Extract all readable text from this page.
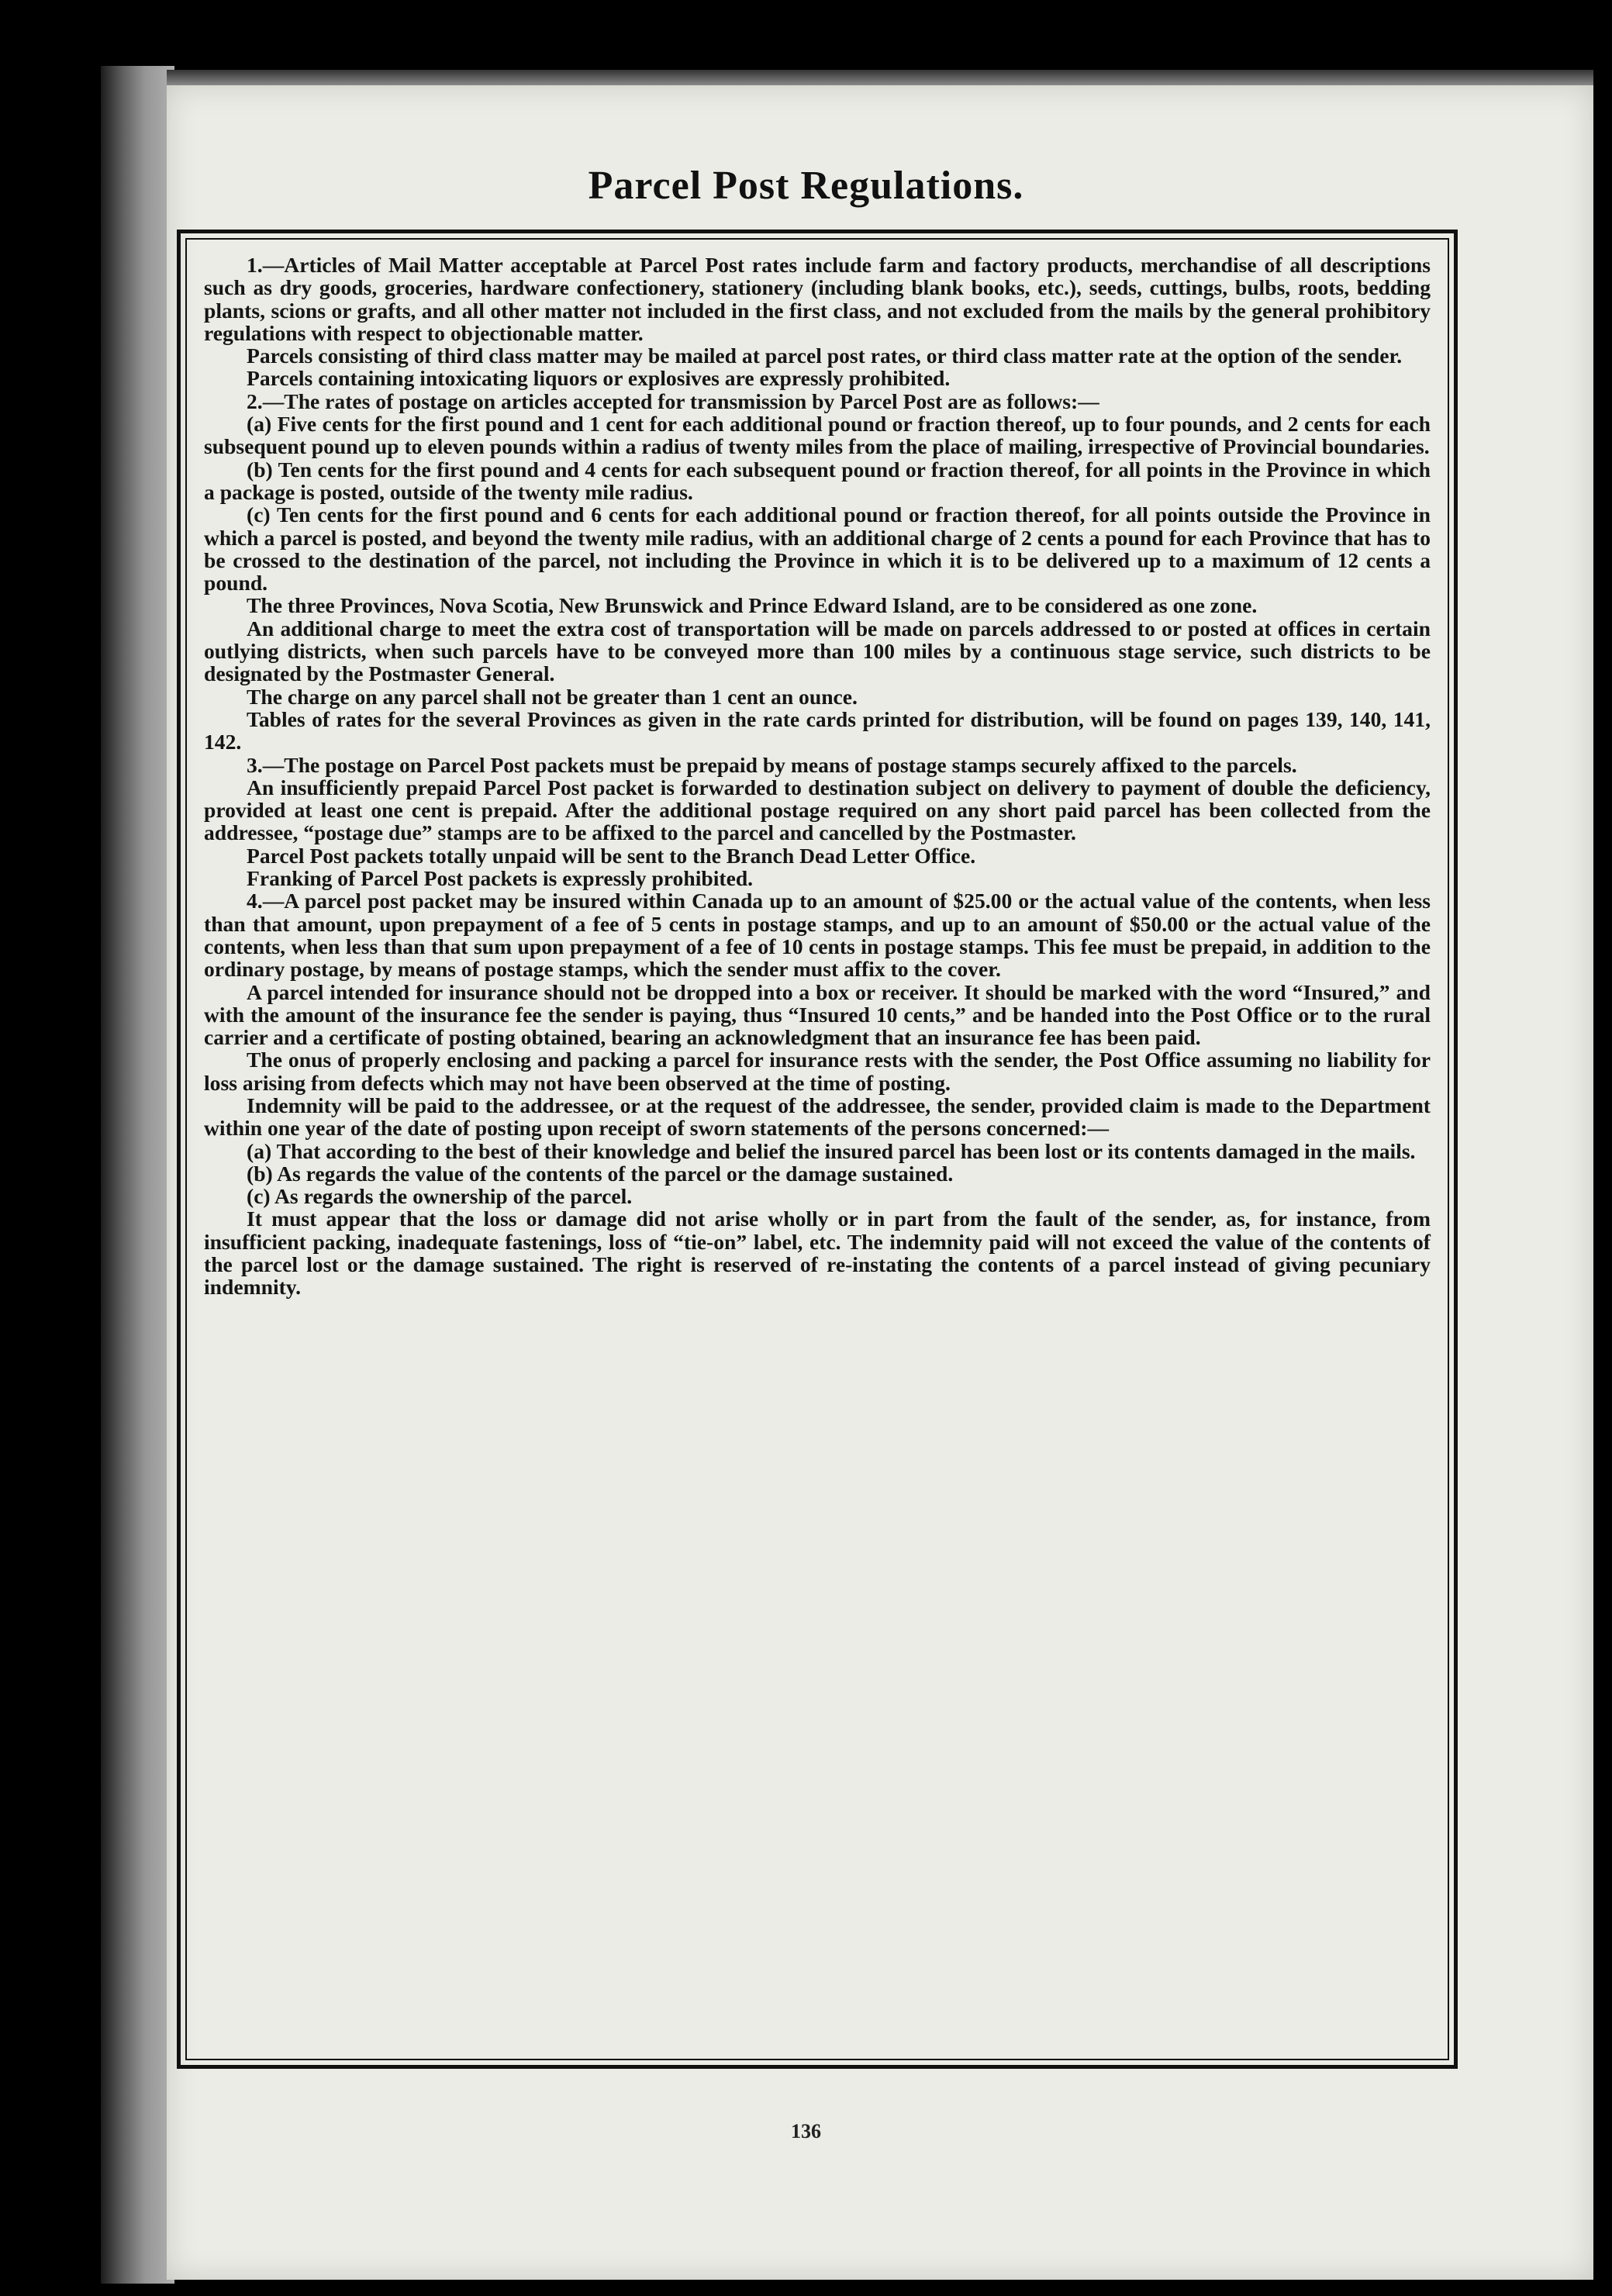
Parcel Post Regulations.

1.—Articles of Mail Matter acceptable at Parcel Post rates include farm and factory products, merchandise of all descriptions such as dry goods, groceries, hardware confectionery, stationery (including blank books, etc.), seeds, cuttings, bulbs, roots, bedding plants, scions or grafts, and all other matter not included in the first class, and not excluded from the mails by the general prohibitory regulations with respect to objectionable matter.

Parcels consisting of third class matter may be mailed at parcel post rates, or third class matter rate at the option of the sender.

Parcels containing intoxicating liquors or explosives are expressly prohibited.

2.—The rates of postage on articles accepted for transmission by Parcel Post are as follows:—

(a) Five cents for the first pound and 1 cent for each additional pound or fraction thereof, up to four pounds, and 2 cents for each subsequent pound up to eleven pounds within a radius of twenty miles from the place of mailing, irrespective of Provincial boundaries.

(b) Ten cents for the first pound and 4 cents for each subsequent pound or fraction thereof, for all points in the Province in which a package is posted, outside of the twenty mile radius.

(c) Ten cents for the first pound and 6 cents for each additional pound or fraction thereof, for all points outside the Province in which a parcel is posted, and beyond the twenty mile radius, with an additional charge of 2 cents a pound for each Province that has to be crossed to the destination of the parcel, not including the Province in which it is to be delivered up to a maximum of 12 cents a pound.

The three Provinces, Nova Scotia, New Brunswick and Prince Edward Island, are to be considered as one zone.

An additional charge to meet the extra cost of transportation will be made on parcels addressed to or posted at offices in certain outlying districts, when such parcels have to be conveyed more than 100 miles by a continuous stage service, such districts to be designated by the Postmaster General.

The charge on any parcel shall not be greater than 1 cent an ounce.

Tables of rates for the several Provinces as given in the rate cards printed for distribution, will be found on pages 139, 140, 141, 142.

3.—The postage on Parcel Post packets must be prepaid by means of postage stamps securely affixed to the parcels.

An insufficiently prepaid Parcel Post packet is forwarded to destination subject on delivery to payment of double the deficiency, provided at least one cent is prepaid. After the additional postage required on any short paid parcel has been collected from the addressee, “postage due” stamps are to be affixed to the parcel and cancelled by the Postmaster.

Parcel Post packets totally unpaid will be sent to the Branch Dead Letter Office.

Franking of Parcel Post packets is expressly prohibited.

4.—A parcel post packet may be insured within Canada up to an amount of $25.00 or the actual value of the contents, when less than that amount, upon prepayment of a fee of 5 cents in postage stamps, and up to an amount of $50.00 or the actual value of the contents, when less than that sum upon prepayment of a fee of 10 cents in postage stamps. This fee must be prepaid, in addition to the ordinary postage, by means of postage stamps, which the sender must affix to the cover.

A parcel intended for insurance should not be dropped into a box or receiver. It should be marked with the word “Insured,” and with the amount of the insurance fee the sender is paying, thus “Insured 10 cents,” and be handed into the Post Office or to the rural carrier and a certificate of posting obtained, bearing an acknowledgment that an insurance fee has been paid.

The onus of properly enclosing and packing a parcel for insurance rests with the sender, the Post Office assuming no liability for loss arising from defects which may not have been observed at the time of posting.

Indemnity will be paid to the addressee, or at the request of the addressee, the sender, provided claim is made to the Department within one year of the date of posting upon receipt of sworn statements of the persons concerned:—

(a) That according to the best of their knowledge and belief the insured parcel has been lost or its contents damaged in the mails.

(b) As regards the value of the contents of the parcel or the damage sustained.

(c) As regards the ownership of the parcel.

It must appear that the loss or damage did not arise wholly or in part from the fault of the sender, as, for instance, from insufficient packing, inadequate fastenings, loss of “tie-on” label, etc. The indemnity paid will not exceed the value of the contents of the parcel lost or the damage sustained. The right is reserved of re-instating the contents of a parcel instead of giving pecuniary indemnity.

136
